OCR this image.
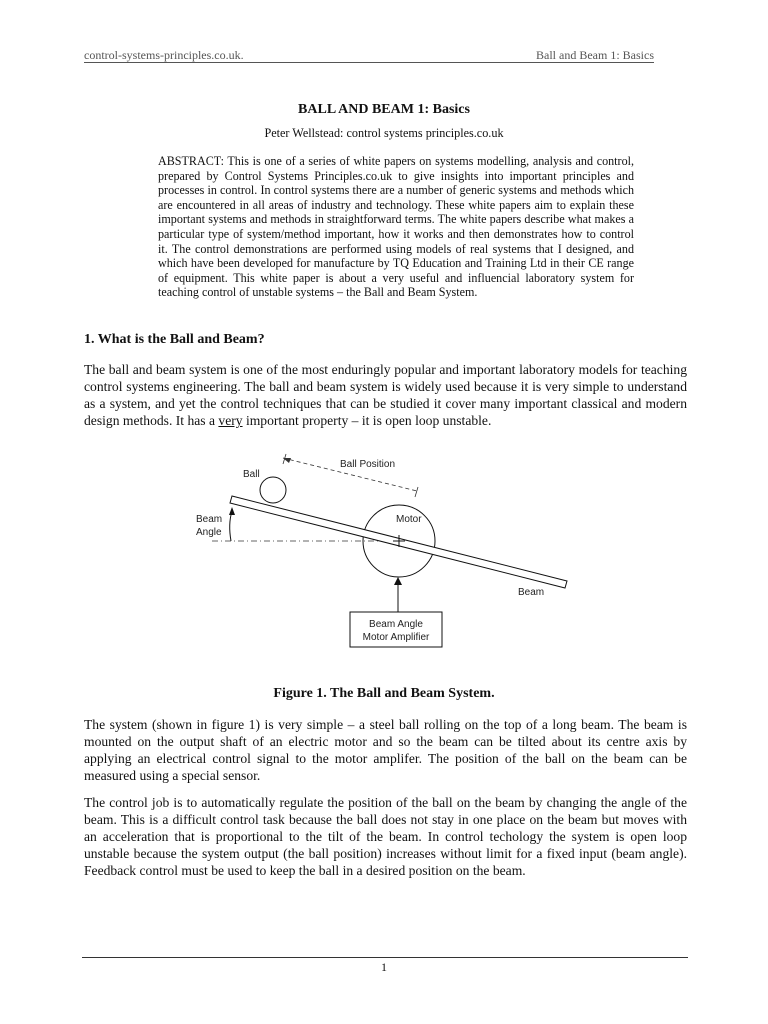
control-systems-principles.co.uk.	Ball and Beam 1: Basics
BALL AND BEAM 1: Basics
Peter Wellstead: control systems principles.co.uk

ABSTRACT: This is one of a series of white papers on systems modelling, analysis and control, prepared by Control Systems Principles.co.uk to give insights into important principles and processes in control. In control systems there are a number of generic systems and methods which are encountered in all areas of industry and technology. These white papers aim to explain these important systems and methods in straightforward terms. The white papers describe what makes a particular type of system/method important, how it works and then demonstrates how to control it. The control demonstrations are performed using models of real systems that I designed, and which have been developed for manufacture by TQ Education and Training Ltd in their CE range of equipment. This white paper is about a very useful and influencial laboratory system for teaching control of unstable systems – the Ball and Beam System.

1. What is the Ball and Beam?

The ball and beam system is one of the most enduringly popular and important laboratory models for teaching control systems engineering. The ball and beam system is widely used because it is very simple to understand as a system, and yet the control techniques that can be studied it cover many important classical and modern design methods. It has a very important property – it is open loop unstable.

Ball Position
Ball
Beam
Angle
Motor
Beam
Beam Angle
Motor Amplifier
Figure 1. The Ball and Beam System.

The system (shown in figure 1) is very simple – a steel ball rolling on the top of a long beam. The beam is mounted on the output shaft of an electric motor and so the beam can be tilted about its centre axis by applying an electrical control signal to the motor amplifer. The position of the ball on the beam can be measured using a special sensor.

The control job is to automatically regulate the position of the ball on the beam by changing the angle of the beam. This is a difficult control task because the ball does not stay in one place on the beam but moves with an acceleration that is proportional to the tilt of the beam. In control techology the system is open loop unstable because the system output (the ball position) increases without limit for a fixed input (beam angle). Feedback control must be used to keep the ball in a desired position on the beam.

1
